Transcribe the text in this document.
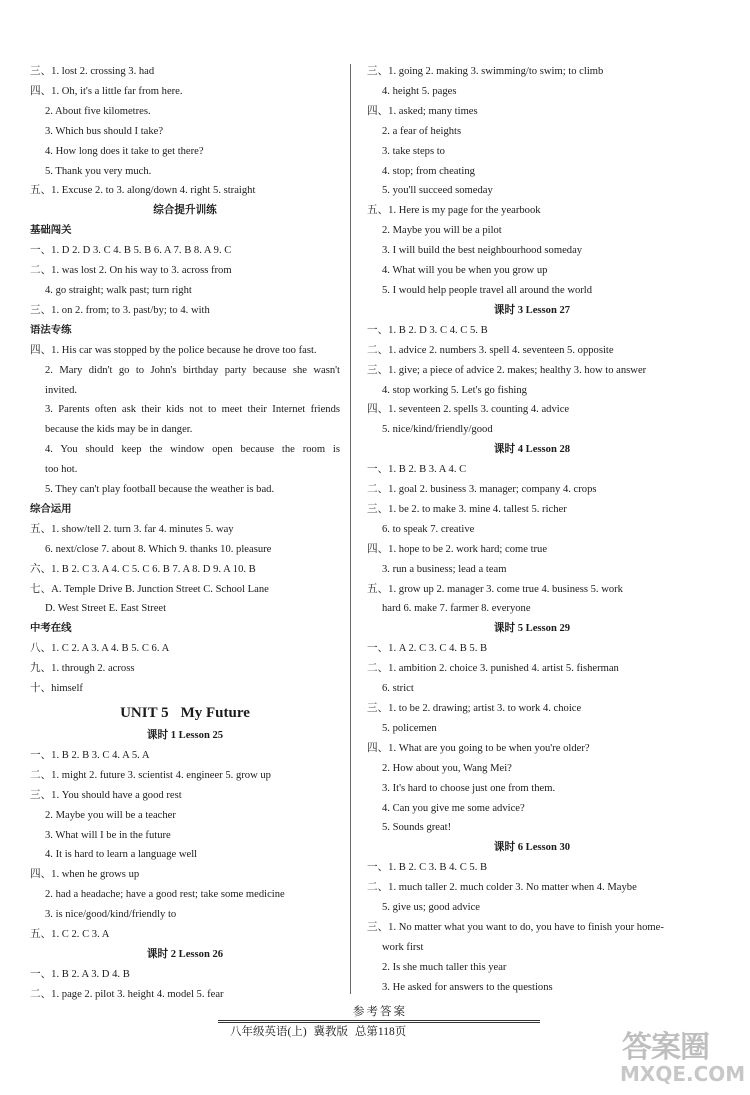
三、1. lost 2. crossing 3. had
四、1. Oh, it's a little far from here.
2. About five kilometres.
3. Which bus should I take?
4. How long does it take to get there?
5. Thank you very much.
五、1. Excuse 2. to 3. along/down 4. right 5. straight
综合提升训练
基础闯关
一、1. D 2. D 3. C 4. B 5. B 6. A 7. B 8. A 9. C
二、1. was lost 2. On his way to 3. across from
4. go straight; walk past; turn right
三、1. on 2. from; to 3. past/by; to 4. with
语法专练
四、1. His car was stopped by the police because he drove too fast.
2. Mary didn't go to John's birthday party because she wasn't
invited.
3. Parents often ask their kids not to meet their Internet friends
because the kids may be in danger.
4. You should keep the window open because the room is
too hot.
5. They can't play football because the weather is bad.
综合运用
五、1. show/tell 2. turn 3. far 4. minutes 5. way
6. next/close 7. about 8. Which 9. thanks 10. pleasure
六、1. B 2. C 3. A 4. C 5. C 6. B 7. A 8. D 9. A 10. B
七、A. Temple Drive B. Junction Street C. School Lane
D. West Street E. East Street
中考在线
八、1. C 2. A 3. A 4. B 5. C 6. A
九、1. through 2. across
十、himself
UNIT 5 My Future
课时 1 Lesson 25
一、1. B 2. B 3. C 4. A 5. A
二、1. might 2. future 3. scientist 4. engineer 5. grow up
三、1. You should have a good rest
2. Maybe you will be a teacher
3. What will I be in the future
4. It is hard to learn a language well
四、1. when he grows up
2. had a headache; have a good rest; take some medicine
3. is nice/good/kind/friendly to
五、1. C 2. C 3. A
课时 2 Lesson 26
一、1. B 2. A 3. D 4. B
二、1. page 2. pilot 3. height 4. model 5. fear
三、1. going 2. making 3. swimming/to swim; to climb
4. height 5. pages
四、1. asked; many times
2. a fear of heights
3. take steps to
4. stop; from cheating
5. you'll succeed someday
五、1. Here is my page for the yearbook
2. Maybe you will be a pilot
3. I will build the best neighbourhood someday
4. What will you be when you grow up
5. I would help people travel all around the world
课时 3 Lesson 27
一、1. B 2. D 3. C 4. C 5. B
二、1. advice 2. numbers 3. spell 4. seventeen 5. opposite
三、1. give; a piece of advice 2. makes; healthy 3. how to answer
4. stop working 5. Let's go fishing
四、1. seventeen 2. spells 3. counting 4. advice
5. nice/kind/friendly/good
课时 4 Lesson 28
一、1. B 2. B 3. A 4. C
二、1. goal 2. business 3. manager; company 4. crops
三、1. be 2. to make 3. mine 4. tallest 5. richer
6. to speak 7. creative
四、1. hope to be 2. work hard; come true
3. run a business; lead a team
五、1. grow up 2. manager 3. come true 4. business 5. work
hard 6. make 7. farmer 8. everyone
课时 5 Lesson 29
一、1. A 2. C 3. C 4. B 5. B
二、1. ambition 2. choice 3. punished 4. artist 5. fisherman
6. strict
三、1. to be 2. drawing; artist 3. to work 4. choice
5. policemen
四、1. What are you going to be when you're older?
2. How about you, Wang Mei?
3. It's hard to choose just one from them.
4. Can you give me some advice?
5. Sounds great!
课时 6 Lesson 30
一、1. B 2. C 3. B 4. C 5. B
二、1. much taller 2. much colder 3. No matter when 4. Maybe
5. give us; good advice
三、1. No matter what you want to do, you have to finish your home-
work first
2. Is she much taller this year
3. He asked for answers to the questions
参考答案
八年级英语(上) 冀教版 总第118页	答案圈
MXQE.COM
